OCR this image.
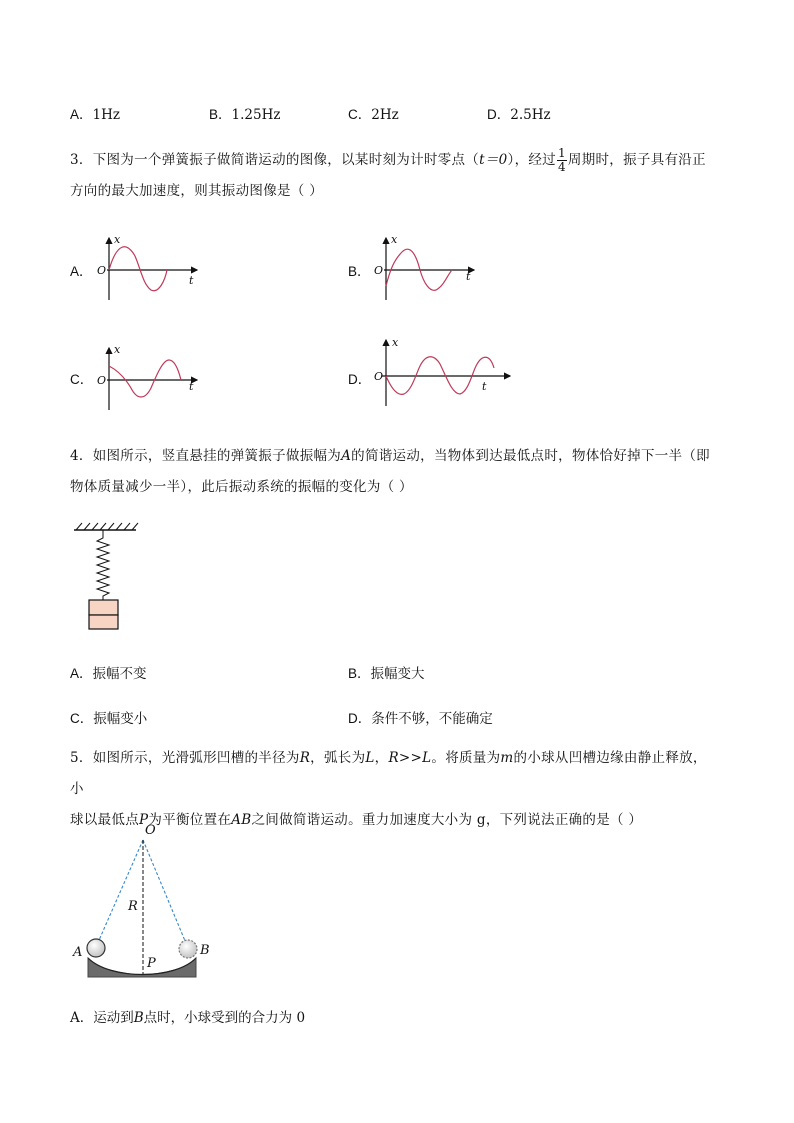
A．1Hz	B．1.25Hz	C．2Hz	D．2.5Hz
3．下图为一个弹簧振子做简谐运动的图像，以某时刻为计时零点（t＝0），经过 $\frac{1}{4}$ 周期时，振子具有沿正
方向的最大加速度，则其振动图像是（ ）
A．	B．
C．	D．
x
O
t
x
O	t
x
O	t
x
O
t
4．如图所示，竖直悬挂的弹簧振子做振幅为A的简谐运动，当物体到达最低点时，物体恰好掉下一半（即
物体质量减少一半），此后振动系统的振幅的变化为（ ）
A．振幅不变	B．振幅变大
C．振幅变小	D．条件不够，不能确定
5．如图所示，光滑弧形凹槽的半径为R，弧长为L，R>>L。将质量为m的小球从凹槽边缘由静止释放，小
球以最低点P为平衡位置在AB之间做简谐运动。重力加速度大小为 g，下列说法正确的是（ ）
O
R
A	B
P
A．运动到B点时，小球受到的合力为 0
